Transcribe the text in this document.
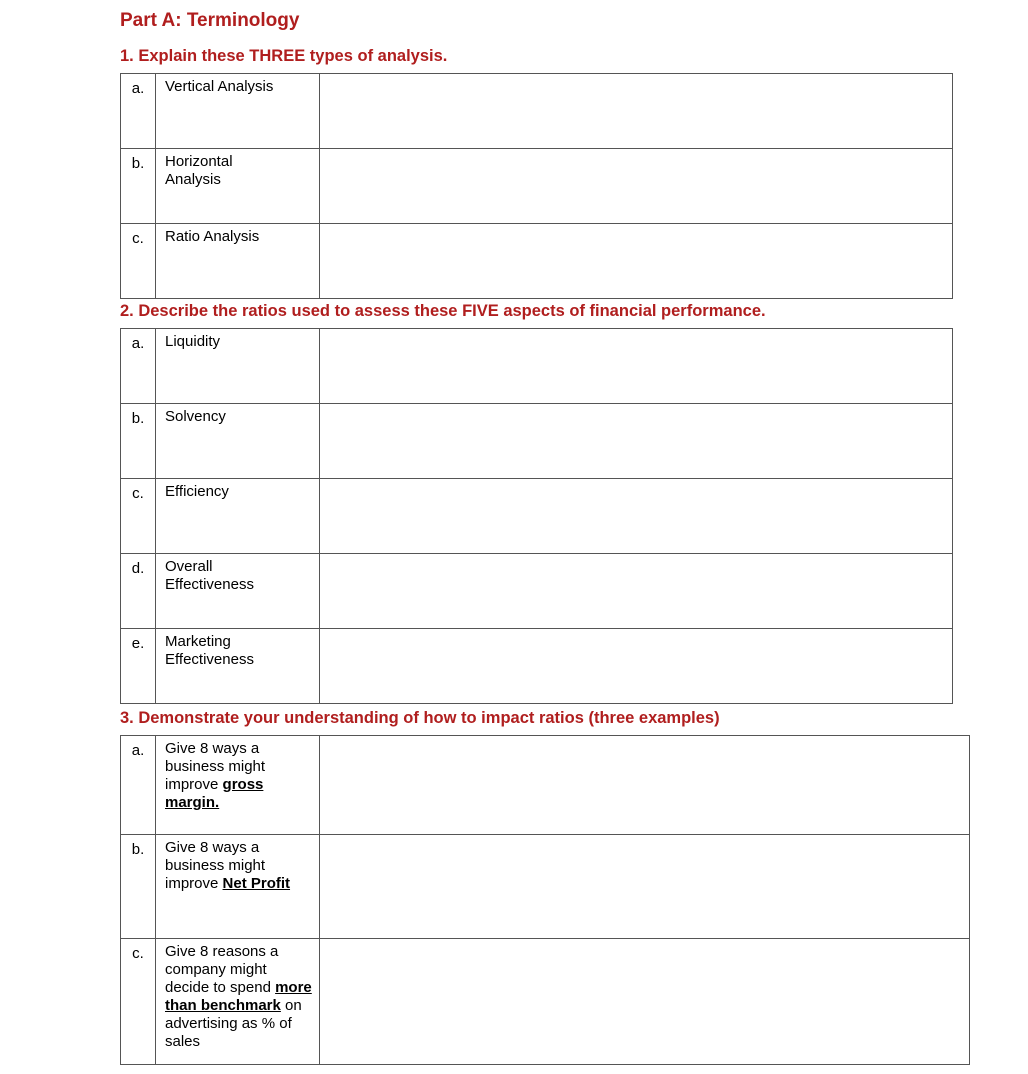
Part A: Terminology
1. Explain these THREE types of analysis.
a.	Vertical Analysis	
b.	Horizontal
Analysis	
c.	Ratio Analysis	
2. Describe the ratios used to assess these FIVE aspects of financial performance.
a.	Liquidity	
b.	Solvency	
c.	Efficiency	
d.	Overall
Effectiveness	
e.	Marketing
Effectiveness	
3. Demonstrate your understanding of how to impact ratios (three examples)
a.	Give 8 ways a business might improve gross margin.	
b.	Give 8 ways a business might improve Net Profit	
c.	Give 8 reasons a company might decide to spend more than benchmark on advertising as % of sales	
